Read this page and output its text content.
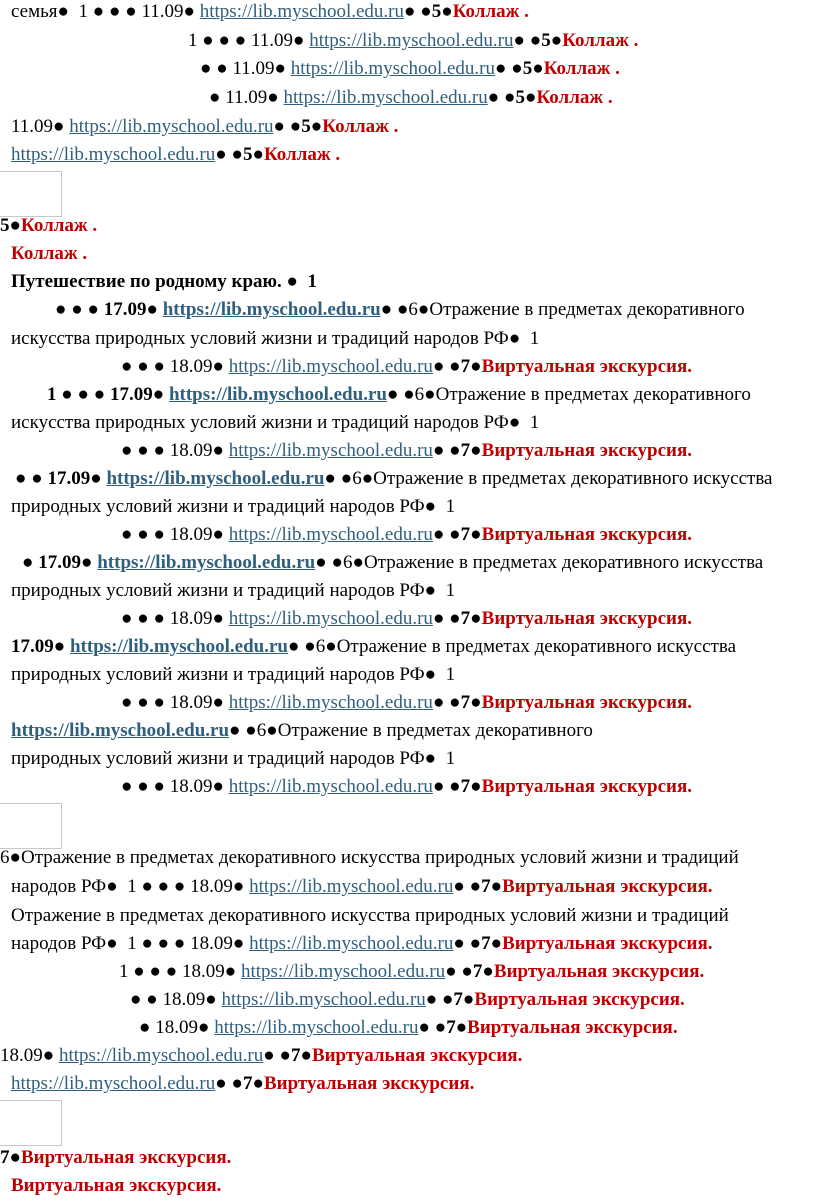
семья● 1 ● ● ● 11.09● https://lib.myschool.edu.ru● ●5●Коллаж .
1 ● ● ● 11.09● https://lib.myschool.edu.ru● ●5●Коллаж .
● ● 11.09● https://lib.myschool.edu.ru● ●5●Коллаж .
● 11.09● https://lib.myschool.edu.ru● ●5●Коллаж .
11.09● https://lib.myschool.edu.ru● ●5●Коллаж .
https://lib.myschool.edu.ru● ●5●Коллаж .
5●Коллаж .
Коллаж .
Путешествие по родному краю. ● 1
● ● ● 17.09● https://lib.myschool.edu.ru● ●6●Отражение в предметах декоративного
искусства природных условий жизни и традиций народов РФ● 1
● ● ● 18.09● https://lib.myschool.edu.ru● ●7●Виртуальная экскурсия.
1 ● ● ● 17.09● https://lib.myschool.edu.ru● ●6●Отражение в предметах декоративного
искусства природных условий жизни и традиций народов РФ● 1
● ● ● 18.09● https://lib.myschool.edu.ru● ●7●Виртуальная экскурсия.
● ● 17.09● https://lib.myschool.edu.ru● ●6●Отражение в предметах декоративного искусства
природных условий жизни и традиций народов РФ● 1
● ● ● 18.09● https://lib.myschool.edu.ru● ●7●Виртуальная экскурсия.
● 17.09● https://lib.myschool.edu.ru● ●6●Отражение в предметах декоративного искусства
природных условий жизни и традиций народов РФ● 1
● ● ● 18.09● https://lib.myschool.edu.ru● ●7●Виртуальная экскурсия.
17.09● https://lib.myschool.edu.ru● ●6●Отражение в предметах декоративного искусства
природных условий жизни и традиций народов РФ● 1
● ● ● 18.09● https://lib.myschool.edu.ru● ●7●Виртуальная экскурсия.
https://lib.myschool.edu.ru● ●6●Отражение в предметах декоративного
природных условий жизни и традиций народов РФ● 1
● ● ● 18.09● https://lib.myschool.edu.ru● ●7●Виртуальная экскурсия.
6●Отражение в предметах декоративного искусства природных условий жизни и традиций
народов РФ● 1 ● ● ● 18.09● https://lib.myschool.edu.ru● ●7●Виртуальная экскурсия.
Отражение в предметах декоративного искусства природных условий жизни и традиций
народов РФ● 1 ● ● ● 18.09● https://lib.myschool.edu.ru● ●7●Виртуальная экскурсия.
1 ● ● ● 18.09● https://lib.myschool.edu.ru● ●7●Виртуальная экскурсия.
● ● 18.09● https://lib.myschool.edu.ru● ●7●Виртуальная экскурсия.
● 18.09● https://lib.myschool.edu.ru● ●7●Виртуальная экскурсия.
18.09● https://lib.myschool.edu.ru● ●7●Виртуальная экскурсия.
https://lib.myschool.edu.ru● ●7●Виртуальная экскурсия.
7●Виртуальная экскурсия.
Виртуальная экскурсия.
